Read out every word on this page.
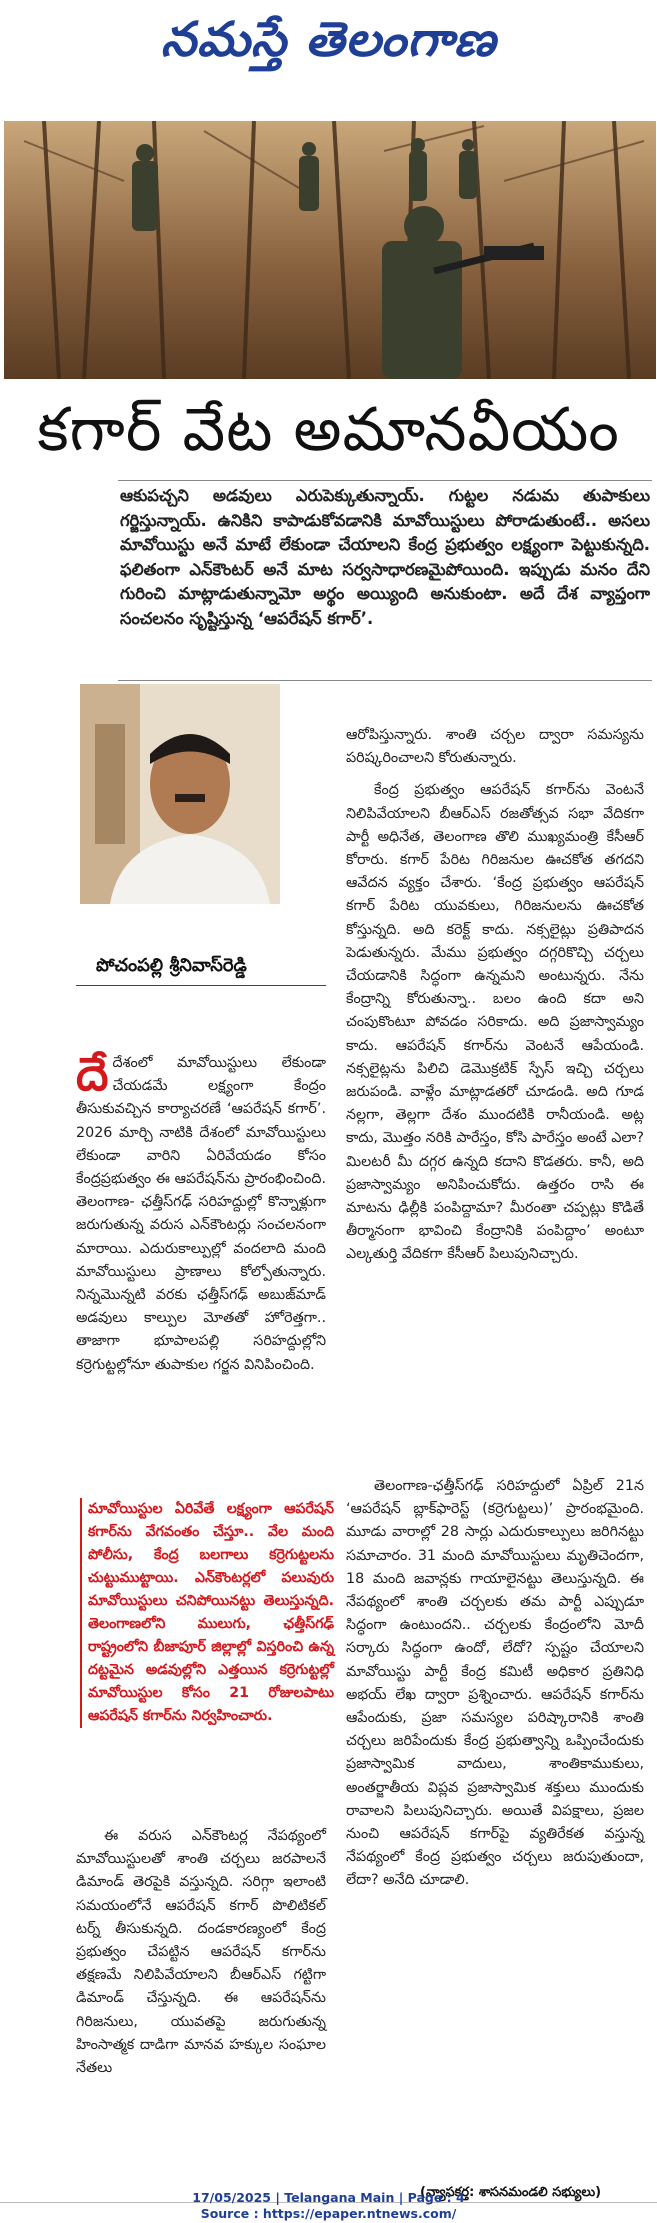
నమస్తే తెలంగాణ
కగార్ వేట అమానవీయం
ఆకుపచ్చని అడవులు ఎరుపెక్కుతున్నాయ్. గుట్టల నడుమ తుపాకులు గర్జిస్తున్నాయ్. ఉనికిని కాపాడుకోవడానికి మావోయిస్టులు పోరాడుతుంటే.. అసలు మావోయిస్టు అనే మాటే లేకుండా చేయాలని కేంద్ర ప్రభుత్వం లక్ష్యంగా పెట్టుకున్నది. ఫలితంగా ఎన్‌కౌంటర్ అనే మాట సర్వసాధారణమైపోయింది. ఇప్పుడు మనం దేని గురించి మాట్లాడుతున్నామో అర్థం అయ్యింది అనుకుంటా. అదే దేశ వ్యాప్తంగా సంచలనం సృష్టిస్తున్న ‘ఆపరేషన్ కగార్’.
పోచంపల్లి శ్రీనివాస్‌రెడ్డి

ఆరోపిస్తున్నారు. శాంతి చర్చల ద్వారా సమస్యను పరిష్కరించాలని కోరుతున్నారు.

కేంద్ర ప్రభుత్వం ఆపరేషన్ కగార్‌ను వెంటనే నిలిపివేయాలని బీఆర్‌ఎస్ రజతోత్సవ సభా వేదికగా పార్టీ అధినేత, తెలంగాణ తొలి ముఖ్యమంత్రి కేసీఆర్ కోరారు. కగార్ పేరిట గిరిజనుల ఊచకోత తగదని ఆవేదన వ్యక్తం చేశారు. ‘కేంద్ర ప్రభుత్వం ఆపరేషన్ కగార్ పేరిట యువకులు, గిరిజనులను ఊచకోత కోస్తున్నది. అది కరెక్ట్ కాదు. నక్సలైట్లు ప్రతిపాదన పెడుతున్నరు. మేము ప్రభుత్వం దగ్గరికొచ్చి చర్చలు చేయడానికి సిద్ధంగా ఉన్నమని అంటున్నరు. నేను కేంద్రాన్ని కోరుతున్నా.. బలం ఉంది కదా అని చంపుకొంటూ పోవడం సరికాదు. అది ప్రజాస్వామ్యం కాదు. ఆపరేషన్ కగార్‌ను వెంటనే ఆపేయండి. నక్సలైట్లను పిలిచి డెమొక్రటిక్ స్పేస్ ఇచ్చి చర్చలు జరుపండి. వాళ్లేం మాట్లాడతరో చూడండి. అది గూడ నల్లగా, తెల్లగా దేశం ముందటికి రానీయండి. అట్ల కాదు, మొత్తం నరికి పారేస్తం, కోసి పారేస్తం అంటే ఎలా? మిలటరీ మీ దగ్గర ఉన్నది కదాని కొడతరు. కానీ, అది ప్రజాస్వామ్యం అనిపించుకోదు. ఉత్తరం రాసి ఈ మాటను ఢిల్లీకి పంపిద్దామా? మీరంతా చప్పట్లు కొడితే తీర్మానంగా భావించి కేంద్రానికి పంపిద్దాం’ అంటూ ఎల్కతుర్తి వేదికగా కేసీఆర్ పిలుపునిచ్చారు.

దేదేశంలో మావోయిస్టులు లేకుండా చేయడమే లక్ష్యంగా కేంద్రం తీసుకువచ్చిన కార్యాచరణే ‘ఆపరేషన్ కగార్’. 2026 మార్చి నాటికి దేశంలో మావోయిస్టులు లేకుండా వారిని ఏరివేయడం కోసం కేంద్రప్రభుత్వం ఈ ఆపరేషన్‌ను ప్రారంభించింది. తెలంగాణ- ఛత్తీస్‌గఢ్ సరిహద్దుల్లో కొన్నాళ్లుగా జరుగుతున్న వరుస ఎన్‌కౌంటర్లు సంచలనంగా మారాయి. ఎదురుకాల్పుల్లో వందలాది మంది మావోయిస్టులు ప్రాణాలు కోల్పోతున్నారు. నిన్నమొన్నటి వరకు ఛత్తీస్‌గఢ్ అబుజ్‌మాడ్ అడవులు కాల్పుల మోతతో హోరెత్తగా.. తాజాగా భూపాలపల్లి సరిహద్దుల్లోని కర్రెగుట్టల్లోనూ తుపాకుల గర్జన వినిపించింది.

మావోయిస్టుల ఏరివేతే లక్ష్యంగా ఆపరేషన్ కగార్‌ను వేగవంతం చేస్తూ.. వేల మంది పోలీసు, కేంద్ర బలగాలు కర్రెగుట్టలను చుట్టుముట్టాయి. ఎన్‌కౌంటర్లలో పలువురు మావోయిస్టులు చనిపోయినట్టు తెలుస్తున్నది. తెలంగాణలోని ములుగు, ఛత్తీస్‌గఢ్ రాష్ట్రంలోని బీజాపూర్ జిల్లాల్లో విస్తరించి ఉన్న దట్టమైన అడవుల్లోని ఎత్తయిన కర్రెగుట్టల్లో మావోయిస్టుల కోసం 21 రోజులపాటు ఆపరేషన్ కగార్‌ను నిర్వహించారు.

ఈ వరుస ఎన్‌కౌంటర్ల నేపథ్యంలో మావోయిస్టులతో శాంతి చర్చలు జరపాలనే డిమాండ్ తెరపైకి వస్తున్నది. సరిగ్గా ఇలాంటి సమయంలోనే ఆపరేషన్ కగార్ పొలిటికల్ టర్న్ తీసుకున్నది. దండకారణ్యంలో కేంద్ర ప్రభుత్వం చేపట్టిన ఆపరేషన్ కగార్‌ను తక్షణమే నిలిపివేయాలని బీఆర్‌ఎస్ గట్టిగా డిమాండ్ చేస్తున్నది. ఈ ఆపరేషన్‌ను గిరిజనులు, యువతపై జరుగుతున్న హింసాత్మక దాడిగా మానవ హక్కుల సంఘాల నేతలు

తెలంగాణ-ఛత్తీస్‌గఢ్ సరిహద్దులో ఏప్రిల్ 21న ‘ఆపరేషన్ బ్లాక్‌ఫారెస్ట్ (కర్రెగుట్టలు)’ ప్రారంభమైంది. మూడు వారాల్లో 28 సార్లు ఎదురుకాల్పులు జరిగినట్టు సమాచారం. 31 మంది మావోయిస్టులు మృతిచెందగా, 18 మంది జవాన్లకు గాయాలైనట్టు తెలుస్తున్నది. ఈ నేపథ్యంలో శాంతి చర్చలకు తమ పార్టీ ఎప్పుడూ సిద్ధంగా ఉంటుందని.. చర్చలకు కేంద్రంలోని మోదీ సర్కారు సిద్ధంగా ఉందో, లేదో? స్పష్టం చేయాలని మావోయిస్టు పార్టీ కేంద్ర కమిటీ అధికార ప్రతినిధి అభయ్ లేఖ ద్వారా ప్రశ్నించారు. ఆపరేషన్ కగార్‌ను ఆపేందుకు, ప్రజా సమస్యల పరిష్కారానికి శాంతి చర్చలు జరిపేందుకు కేంద్ర ప్రభుత్వాన్ని ఒప్పించేందుకు ప్రజాస్వామిక వాదులు, శాంతికాముకులు, అంతర్జాతీయ విప్లవ ప్రజాస్వామిక శక్తులు ముందుకు రావాలని పిలుపునిచ్చారు. అయితే విపక్షాలు, ప్రజల నుంచి ఆపరేషన్ కగార్‌పై వ్యతిరేకత వస్తున్న నేపథ్యంలో కేంద్ర ప్రభుత్వం చర్చలు జరుపుతుందా, లేదా? అనేది చూడాలి.

(వ్యాసకర్త: శాసనమండలి సభ్యులు)
17/05/2025 | Telangana Main | Page : 4
Source : https://epaper.ntnews.com/
